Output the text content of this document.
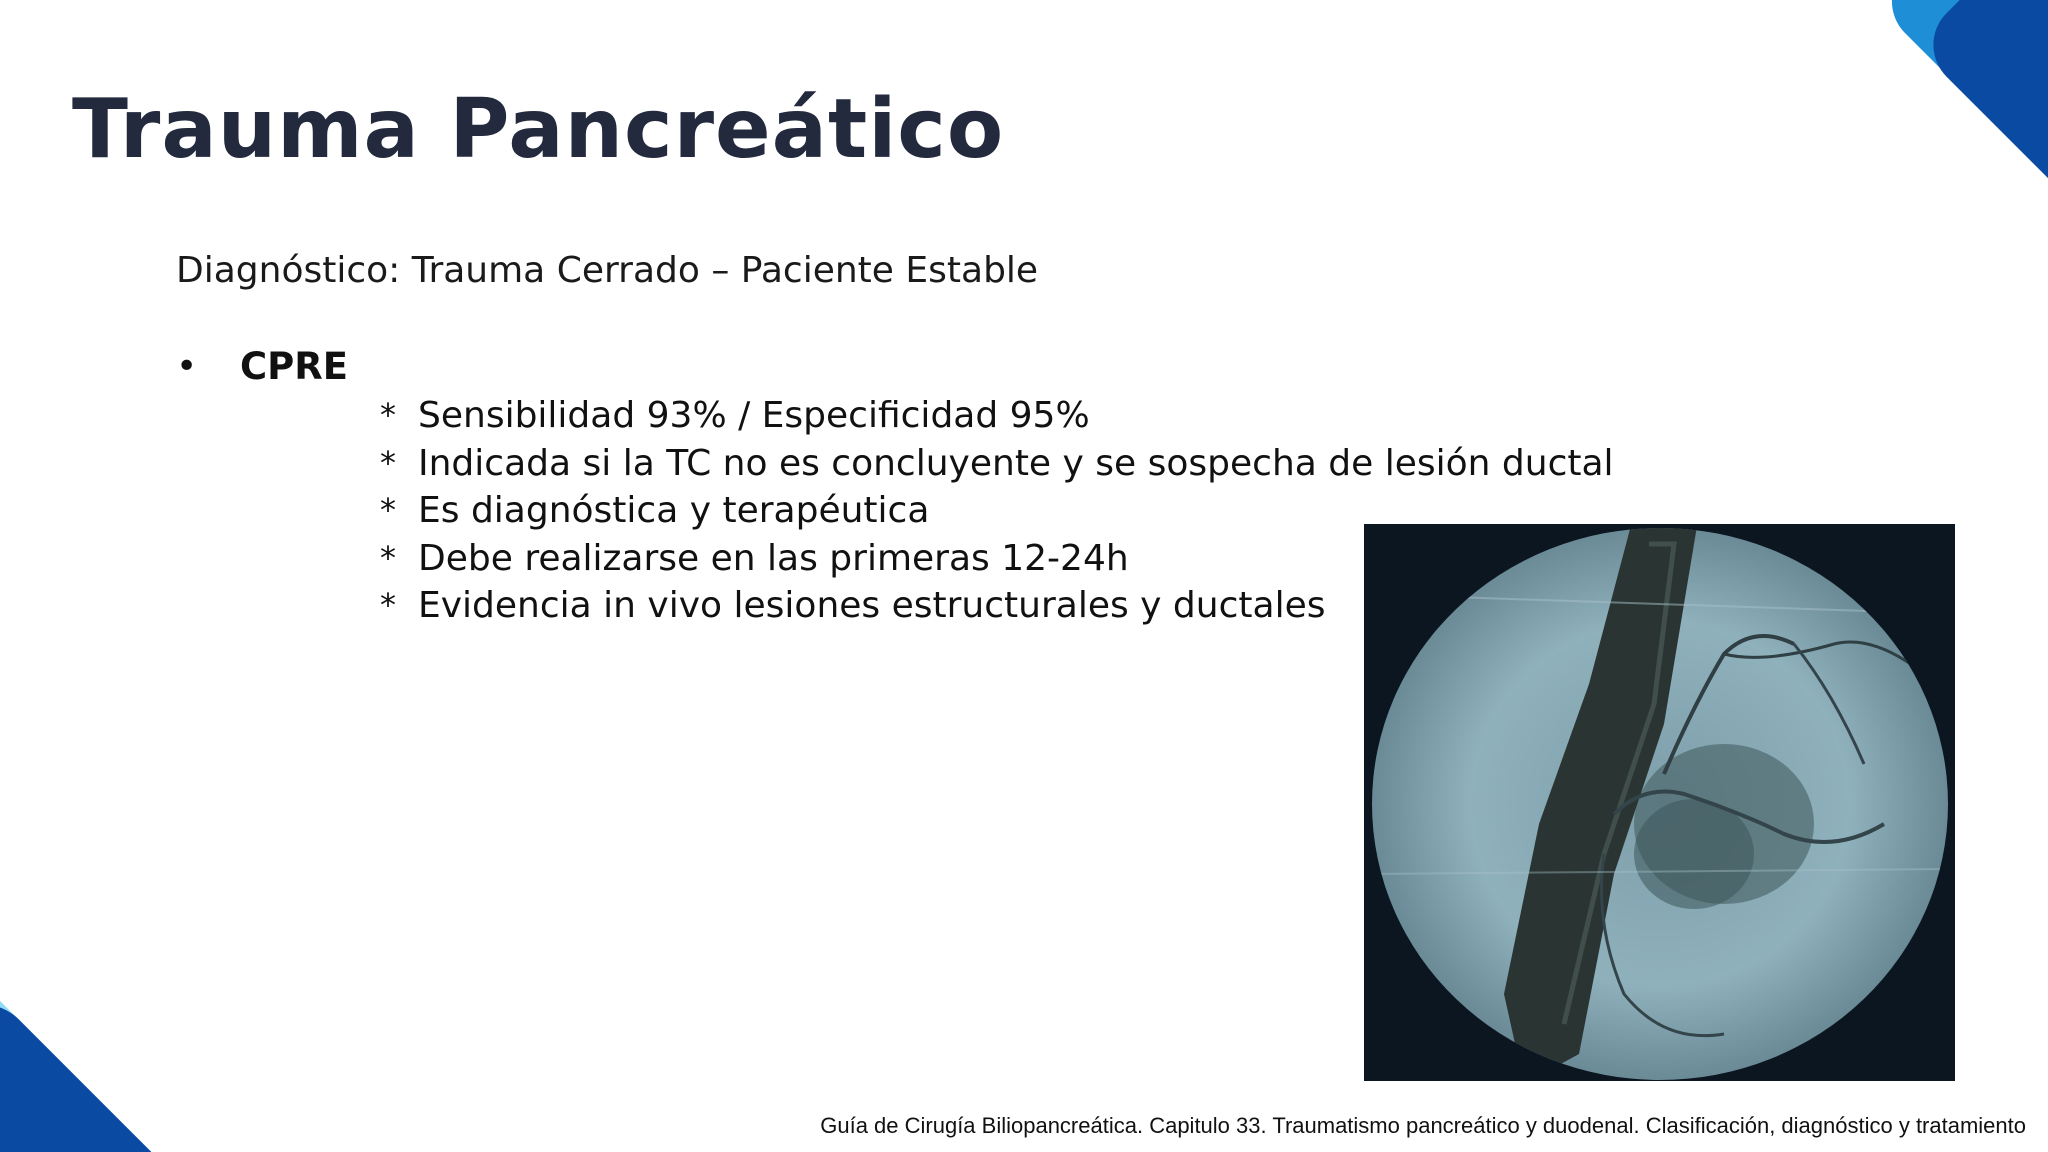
Trauma Pancreático
Diagnóstico: Trauma Cerrado – Paciente Estable
•	CPRE
* Sensibilidad 93% / Especificidad 95%
* Indicada si la TC no es concluyente y se sospecha de lesión ductal
* Es diagnóstica y terapéutica
* Debe realizarse en las primeras 12-24h
* Evidencia in vivo lesiones estructurales y ductales
Guía de Cirugía Biliopancreática. Capitulo 33. Traumatismo pancreático y duodenal. Clasificación, diagnóstico y tratamiento
